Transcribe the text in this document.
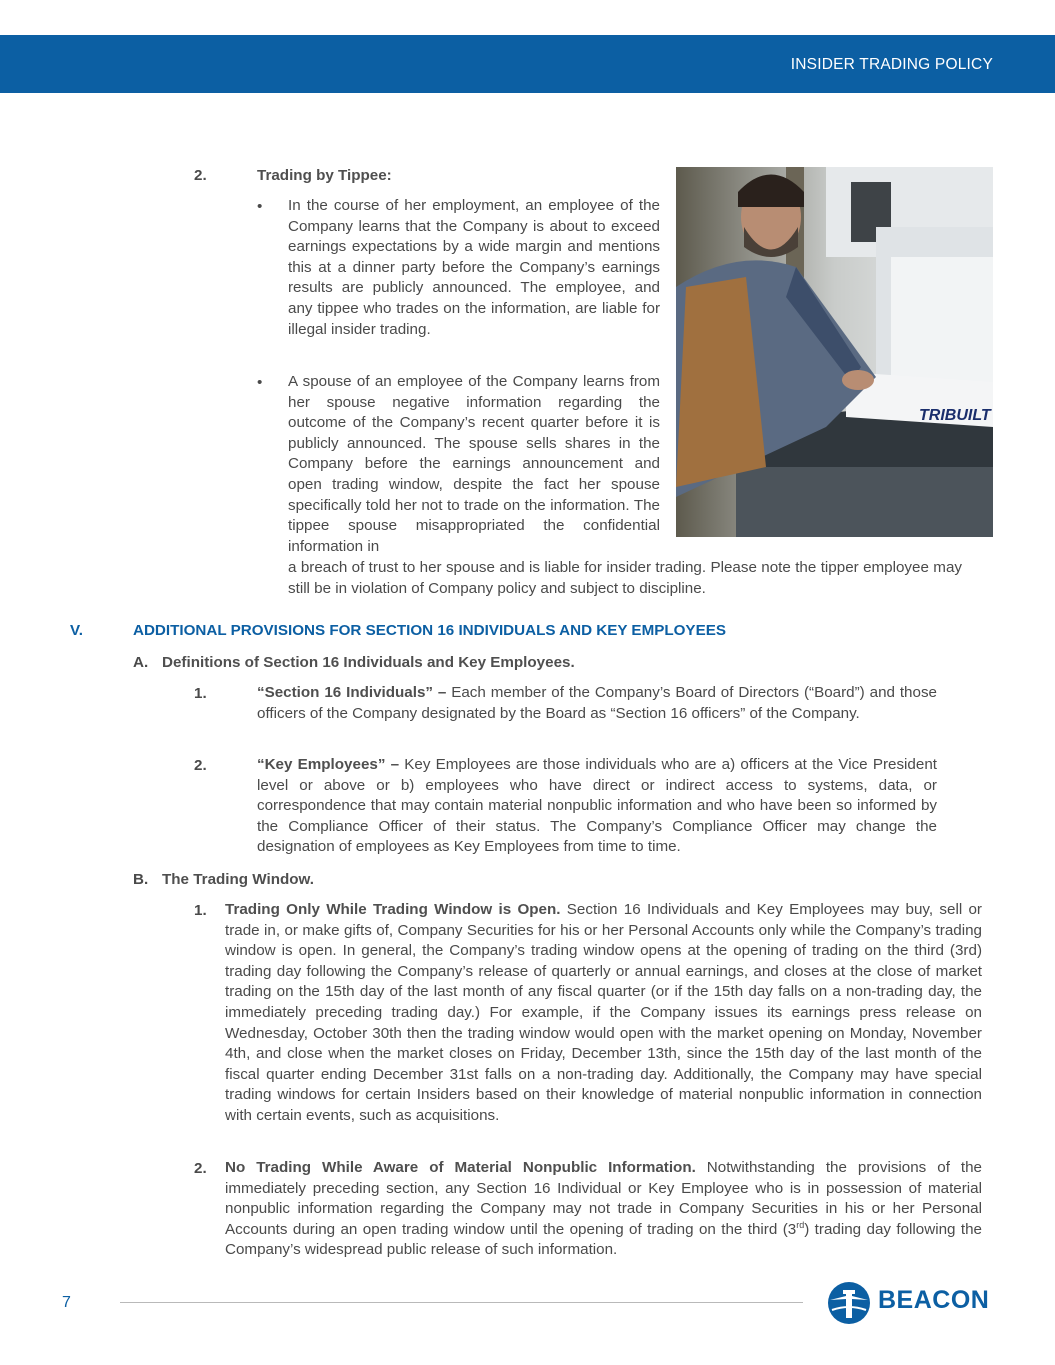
INSIDER TRADING POLICY
2.	Trading by Tippee:
• In the course of her employment, an employee of the Company learns that the Company is about to exceed earnings expectations by a wide margin and mentions this at a dinner party before the Company’s earnings results are publicly announced. The employee, and any tippee who trades on the information, are liable for illegal insider trading.

• A spouse of an employee of the Company learns from her spouse negative information regarding the outcome of the Company’s recent quarter before it is publicly announced. The spouse sells shares in the Company before the earnings announcement and open trading window, despite the fact her spouse specifically told her not to trade on the information. The tippee spouse misappropriated the confidential information in

a breach of trust to her spouse and is liable for insider trading. Please note the tipper employee may still be in violation of Company policy and subject to discipline.

TRIBUILT
V.	ADDITIONAL PROVISIONS FOR SECTION 16 INDIVIDUALS AND KEY EMPLOYEES
A. Definitions of Section 16 Individuals and Key Employees.
1.	“Section 16 Individuals” – Each member of the Company’s Board of Directors (“Board”) and those officers of the Company designated by the Board as “Section 16 officers” of the Company.

2.	“Key Employees” – Key Employees are those individuals who are a) officers at the Vice President level or above or b) employees who have direct or indirect access to systems, data, or correspondence that may contain material nonpublic information and who have been so informed by the Compliance Officer of their status. The Company’s Compliance Officer may change the designation of employees as Key Employees from time to time.

B. The Trading Window.
1. Trading Only While Trading Window is Open. Section 16 Individuals and Key Employees may buy, sell or trade in, or make gifts of, Company Securities for his or her Personal Accounts only while the Company’s trading window is open. In general, the Company’s trading window opens at the opening of trading on the third (3rd) trading day following the Company’s release of quarterly or annual earnings, and closes at the close of market trading on the 15th day of the last month of any fiscal quarter (or if the 15th day falls on a non-trading day, the immediately preceding trading day.) For example, if the Company issues its earnings press release on Wednesday, October 30th then the trading window would open with the market opening on Monday, November 4th, and close when the market closes on Friday, December 13th, since the 15th day of the last month of the fiscal quarter ending December 31st falls on a non-trading day. Additionally, the Company may have special trading windows for certain Insiders based on their knowledge of material nonpublic information in connection with certain events, such as acquisitions.

2. No Trading While Aware of Material Nonpublic Information. Notwithstanding the provisions of the immediately preceding section, any Section 16 Individual or Key Employee who is in possession of material nonpublic information regarding the Company may not trade in Company Securities in his or her Personal Accounts during an open trading window until the opening of trading on the third (3rd) trading day following the Company’s widespread public release of such information.

7	BEACON
